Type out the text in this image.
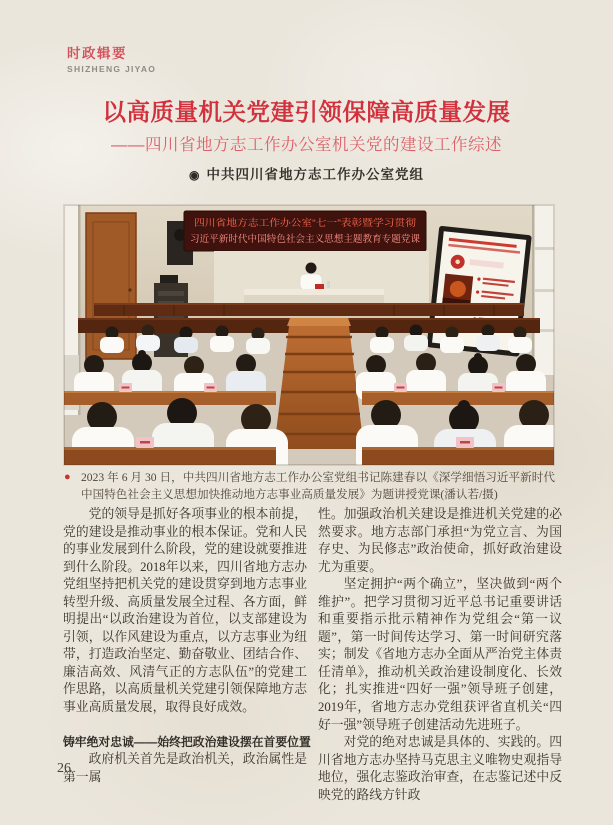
时政辑要
SHIZHENG JIYAO
以高质量机关党建引领保障高质量发展
——四川省地方志工作办公室机关党的建设工作综述
◉ 中共四川省地方志工作办公室党组
四川省地方志工作办公室“七一”表彰暨学习贯彻
习近平新时代中国特色社会主义思想主题教育专题党课
● 2023 年 6 月 30 日，中共四川省地方志工作办公室党组书记陈建春以《深学细悟习近平新时代中国特色社会主义思想加快推动地方志事业高质量发展》为题讲授党课(潘认若/摄)

党的领导是抓好各项事业的根本前提，党的建设是推动事业的根本保证。党和人民的事业发展到什么阶段，党的建设就要推进到什么阶段。2018年以来，四川省地方志办党组坚持把机关党的建设贯穿到地方志事业转型升级、高质量发展全过程、各方面，鲜明提出“以政治建设为首位，以支部建设为引领，以作风建设为重点，以方志事业为纽带，打造政治坚定、勤奋敬业、团结合作、廉洁高效、风清气正的方志队伍”的党建工作思路，以高质量机关党建引领保障地方志事业高质量发展，取得良好成效。

铸牢绝对忠诚——始终把政治建设摆在首要位置

政府机关首先是政治机关，政治属性是第一属

性。加强政治机关建设是推进机关党建的必然要求。地方志部门承担“为党立言、为国存史、为民修志”政治使命，抓好政治建设尤为重要。

坚定拥护“两个确立”，坚决做到“两个维护”。把学习贯彻习近平总书记重要讲话和重要指示批示精神作为党组会“第一议题”，第一时间传达学习、第一时间研究落实；制发《省地方志办全面从严治党主体责任清单》，推动机关政治建设制度化、长效化；扎实推进“四好一强”领导班子创建，2019年，省地方志办党组获评省直机关“四好一强”领导班子创建活动先进班子。

对党的绝对忠诚是具体的、实践的。四川省地方志办坚持马克思主义唯物史观指导地位，强化志鉴政治审查，在志鉴记述中反映党的路线方针政

26
